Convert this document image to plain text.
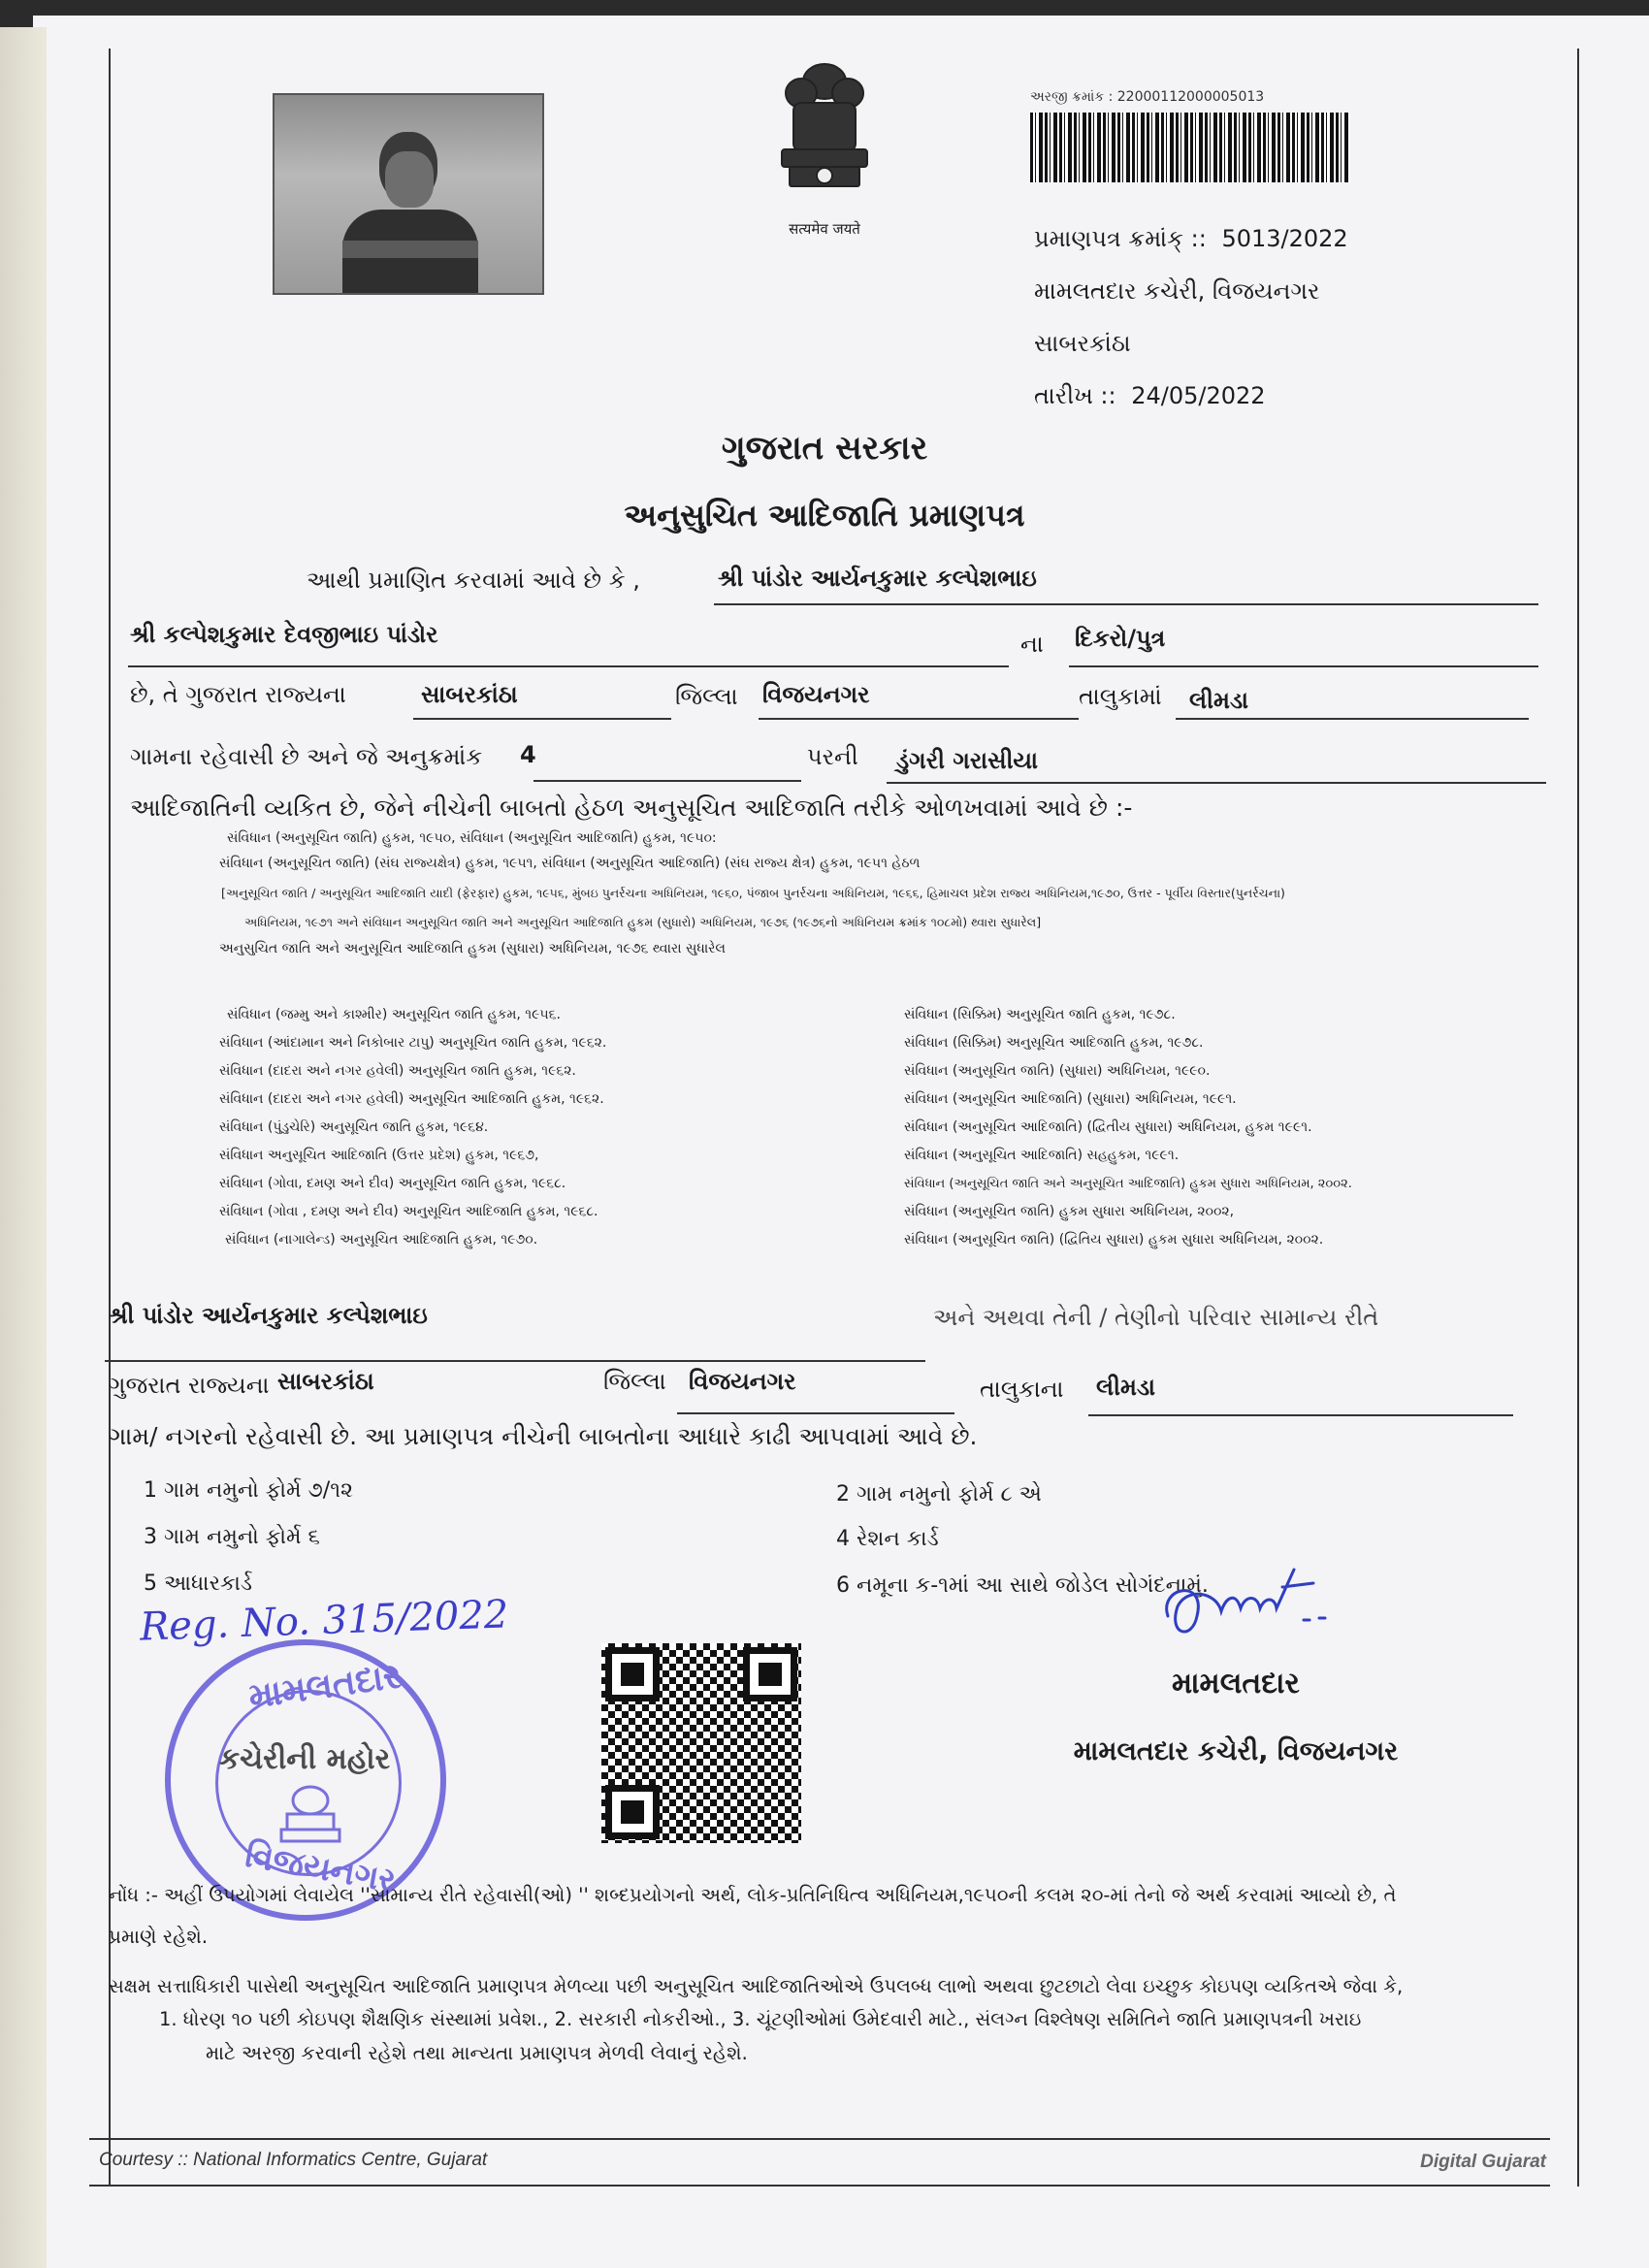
सत्यमेव जयते
અરજી ક્રમાંક : 22000112000005013
પ્રમાણપત્ર ક્રમાંક્ :: 5013/2022
મામલતદાર કચેરી, વિજયનગર
સાબરકાંઠા
તારીખ :: 24/05/2022
ગુજરાત સરકાર
અનુસુચિત આદિજાતિ પ્રમાણપત્ર
આથી પ્રમાણિત કરવામાં આવે છે કે ,	શ્રી પાંડોર આર્યનકુમાર કલ્પેશભાઇ
શ્રી કલ્પેશકુમાર દેવજીભાઇ પાંડોર	ના દિકરો/પુત્ર
છે, તે ગુજરાત રાજ્યના	સાબરકાંઠા	જિલ્લા વિજયનગર	તાલુકામાં લીમડા
ગામના રહેવાસી છે અને જે અનુક્રમાંક 4	પરની ડુંગરી ગરાસીયા
આદિજાતિની વ્યકિત છે, જેને નીચેની બાબતો હેઠળ અનુસૂચિત આદિજાતિ તરીકે ઓળખવામાં આવે છે :-
સંવિધાન (અનુસૂચિત જાતિ) હુકમ, ૧૯૫૦, સંવિધાન (અનુસૂચિત આદિજાતિ) હુકમ, ૧૯૫૦:
સંવિધાન (અનુસૂચિત જાતિ) (સંઘ રાજ્યક્ષેત્ર) હુકમ, ૧૯૫૧, સંવિધાન (અનુસૂચિત આદિજાતિ) (સંઘ રાજ્ય ક્ષેત્ર) હુકમ, ૧૯૫૧ હેઠળ
[અનુસૂચિત જાતિ / અનુસૂચિત આદિજાતિ યાદી (ફેરફાર) હુકમ, ૧૯૫૬, મુંબઇ પુનર્રચના અધિનિયમ, ૧૯૬૦, પંજાબ પુનર્રચના અધિનિયમ, ૧૯૬૬, હિમાચલ પ્રદેશ રાજ્ય અધિનિયમ,૧૯૭૦, ઉત્તર - પૂર્વીય વિસ્તાર(પુનર્રચના)
અધિનિયમ, ૧૯૭૧ અને સંવિધાન અનુસૂચિત જાતિ અને અનુસૂચિત આદિજાતિ હુકમ (સુધારો) અધિનિયમ, ૧૯૭૬ (૧૯૭૬નો અધિનિયમ ક્રમાંક ૧૦૮મો) થ્વારા સુધારેલ]
અનુસુચિત જાતિ અને અનુસૂચિત આદિજાતિ હુકમ (સુધારા) અધિનિયમ, ૧૯૭૬ થ્વારા સુધારેલ
સંવિધાન (જમ્મુ અને કાશ્મીર) અનુસૂચિત જાતિ હુકમ, ૧૯૫૬.
સંવિધાન (આંદામાન અને નિકોબાર ટાપુ) અનુસૂચિત જાતિ હુકમ, ૧૯૬૨.
સંવિધાન (દાદરા અને નગર હવેલી) અનુસૂચિત જાતિ હુકમ, ૧૯૬૨.
સંવિધાન (દાદરા અને નગર હવેલી) અનુસૂચિત આદિજાતિ હુકમ, ૧૯૬૨.
સંવિધાન (પુંડુચેરિ) અનુસૂચિત જાતિ હુકમ, ૧૯૬૪.
સંવિધાન અનુસૂચિત આદિજાતિ (ઉત્તર પ્રદેશ) હુકમ, ૧૯૬૭,
સંવિધાન (ગોવા, દમણ અને દીવ) અનુસૂચિત જાતિ હુકમ, ૧૯૬૮.
સંવિધાન (ગોવા , દમણ અને દીવ) અનુસૂચિત આદિજાતિ હુકમ, ૧૯૬૮.
સંવિધાન (નાગાલેન્ડ) અનુસૂચિત આદિજાતિ હુકમ, ૧૯૭૦.
સંવિધાન (સિક્કિમ) અનુસૂચિત જાતિ હુકમ, ૧૯૭૮.
સંવિધાન (સિક્કિમ) અનુસૂચિત આદિજાતિ હુકમ, ૧૯૭૮.
સંવિધાન (અનુસૂચિત જાતિ) (સુધારા) અધિનિયમ, ૧૯૯૦.
સંવિધાન (અનુસૂચિત આદિજાતિ) (સુધારા) અધિનિયમ, ૧૯૯૧.
સંવિધાન (અનુસૂચિત આદિજાતિ) (દ્વિતીય સુધારા) અધિનિયમ, હુકમ ૧૯૯૧.
સંવિધાન (અનુસૂચિત આદિજાતિ) સહહુકમ, ૧૯૯૧.
સંવિધાન (અનુસૂચિત જાતિ અને અનુસૂચિત આદિજાતિ) હુકમ સુધારા અધિનિયમ, ૨૦૦૨.
સંવિધાન (અનુસૂચિત જાતિ) હુકમ સુધારા અધિનિયમ, ૨૦૦૨,
સંવિધાન (અનુસૂચિત જાતિ) (દ્વિતિય સુધારા) હુકમ સુધારા અધિનિયમ, ૨૦૦૨.
શ્રી પાંડોર આર્યનકુમાર કલ્પેશભાઇ	અને અથવા તેની / તેણીનો પરિવાર સામાન્ય રીતે
ગુજરાત રાજ્યના સાબરકાંઠા	જિલ્લા વિજયનગર	તાલુકાના લીમડા
ગામ/ નગરનો રહેવાસી છે. આ પ્રમાણપત્ર નીચેની બાબતોના આધારે કાઢી આપવામાં આવે છે.
1 ગામ નમુનો ફોર્મ ૭/૧૨	2 ગામ નમુનો ફોર્મ ૮ એ
3 ગામ નમુનો ફોર્મ ૬	4 રેશન કાર્ડ
5 આધારકાર્ડ	6 નમૂના ક-૧માં આ સાથે જોડેલ સોગંદનામું.
Reg. No. 315/2022
મામલતદાર
કચેરીની મહોર
વિજયનગર
મામલતદાર
મામલતદાર કચેરી, વિજયનગર
નોંધ :- અહીં ઉપયોગમાં લેવાયેલ ''સામાન્ય રીતે રહેવાસી(ઓ) '' શબ્દપ્રયોગનો અર્થ, લોક-પ્રતિનિધિત્વ અધિનિયમ,૧૯૫૦ની કલમ ૨૦-માં તેનો જે અર્થ કરવામાં આવ્યો છે, તે
પ્રમાણે રહેશે.
સક્ષમ સત્તાધિકારી પાસેથી અનુસૂચિત આદિજાતિ પ્રમાણપત્ર મેળવ્યા પછી અનુસૂચિત આદિજાતિઓએ ઉપલબ્ધ લાભો અથવા છુટછાટો લેવા ઇચ્છુક કોઇપણ વ્યકિતએ જેવા કે,
1. ધોરણ ૧૦ પછી કોઇપણ શૈક્ષણિક સંસ્થામાં પ્રવેશ., 2. સરકારી નોકરીઓ., 3. ચૂંટણીઓમાં ઉમેદવારી માટે., સંલગ્ન વિશ્લેષણ સમિતિને જાતિ પ્રમાણપત્રની ખરાઇ
માટે અરજી કરવાની રહેશે તથા માન્યતા પ્રમાણપત્ર મેળવી લેવાનું રહેશે.
Courtesy :: National Informatics Centre, Gujarat	Digital Gujarat
